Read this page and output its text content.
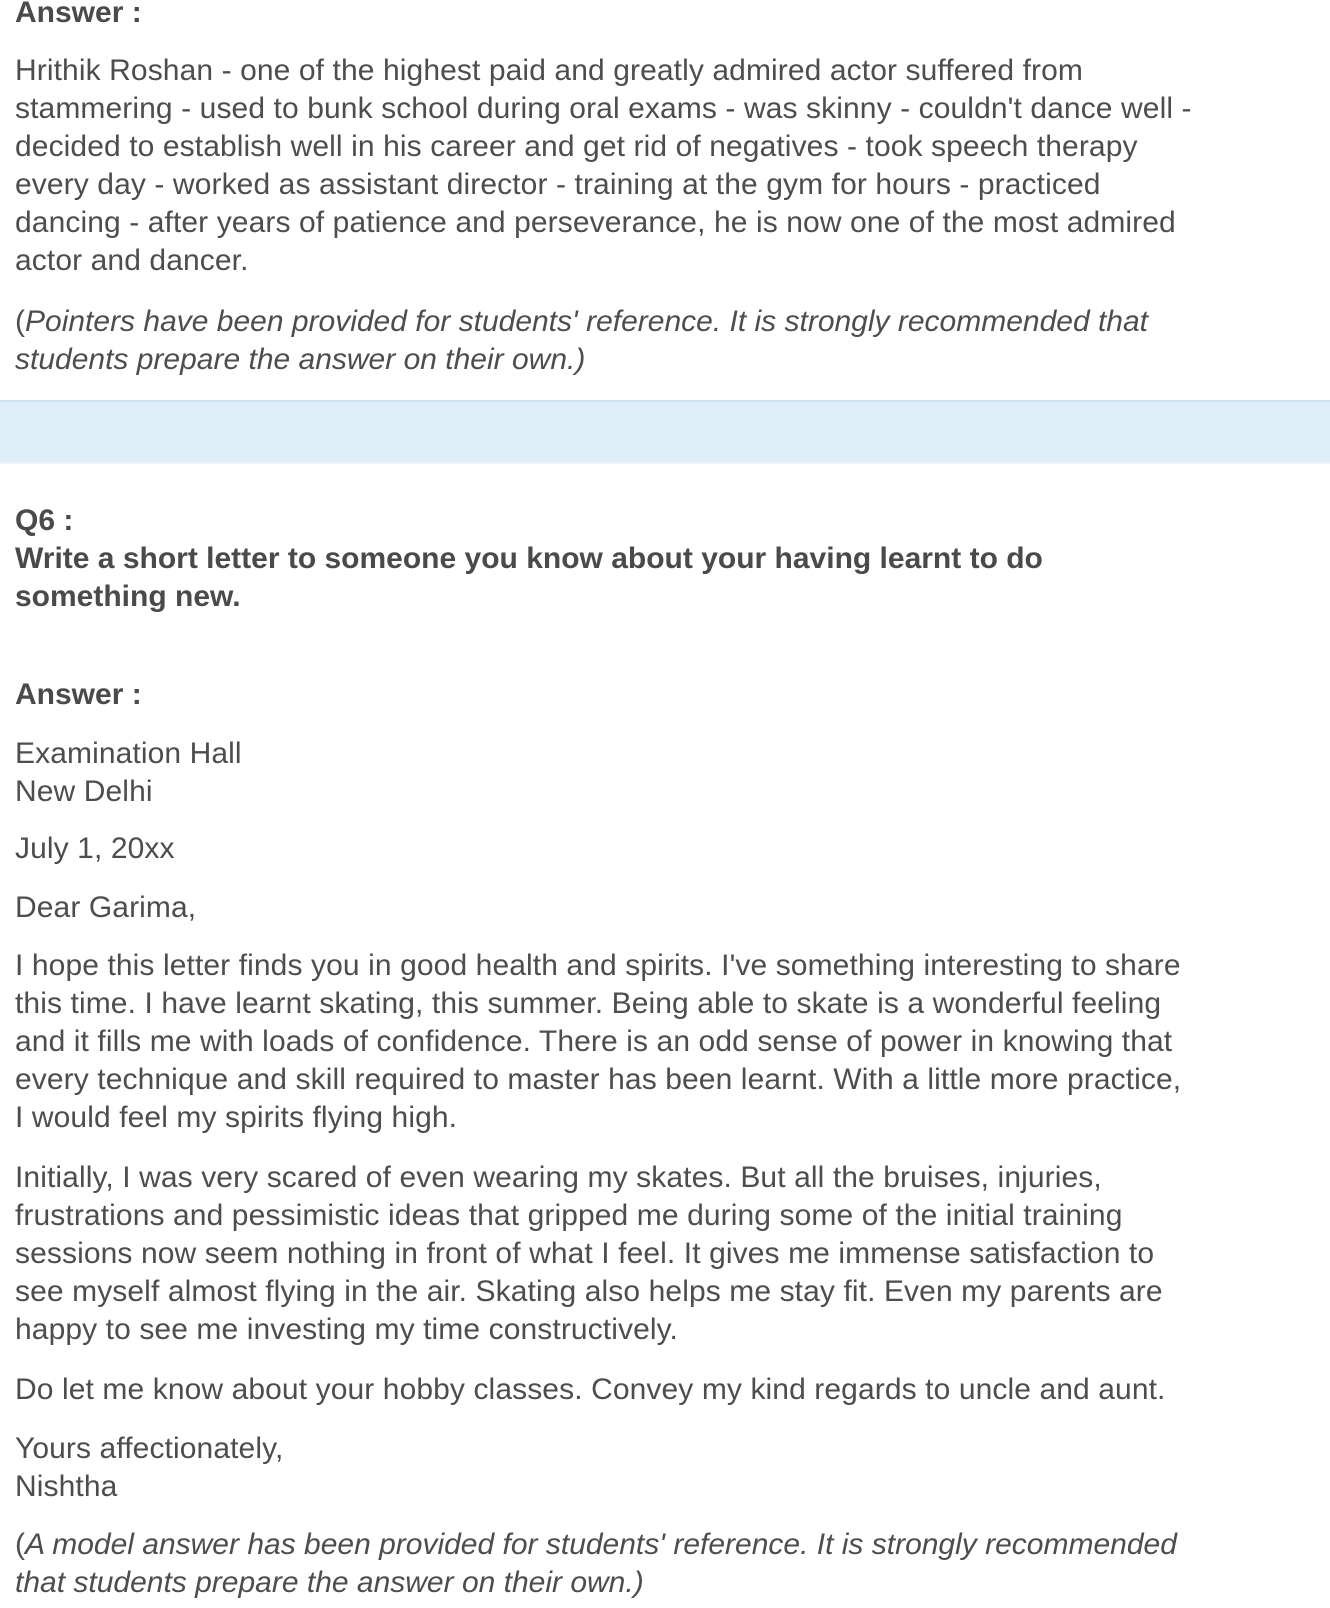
Answer :
Hrithik Roshan - one of the highest paid and greatly admired actor suffered from
stammering - used to bunk school during oral exams - was skinny - couldn't dance well -
decided to establish well in his career and get rid of negatives - took speech therapy
every day - worked as assistant director - training at the gym for hours - practiced
dancing - after years of patience and perseverance, he is now one of the most admired
actor and dancer.
(Pointers have been provided for students' reference. It is strongly recommended that
students prepare the answer on their own.)
Q6 :
Write a short letter to someone you know about your having learnt to do
something new.
Answer :
Examination Hall
New Delhi
July 1, 20xx
Dear Garima,
I hope this letter finds you in good health and spirits. I've something interesting to share
this time. I have learnt skating, this summer. Being able to skate is a wonderful feeling
and it fills me with loads of confidence. There is an odd sense of power in knowing that
every technique and skill required to master has been learnt. With a little more practice,
I would feel my spirits flying high.
Initially, I was very scared of even wearing my skates. But all the bruises, injuries,
frustrations and pessimistic ideas that gripped me during some of the initial training
sessions now seem nothing in front of what I feel. It gives me immense satisfaction to
see myself almost flying in the air. Skating also helps me stay fit. Even my parents are
happy to see me investing my time constructively.
Do let me know about your hobby classes. Convey my kind regards to uncle and aunt.
Yours affectionately,
Nishtha
(A model answer has been provided for students' reference. It is strongly recommended
that students prepare the answer on their own.)
